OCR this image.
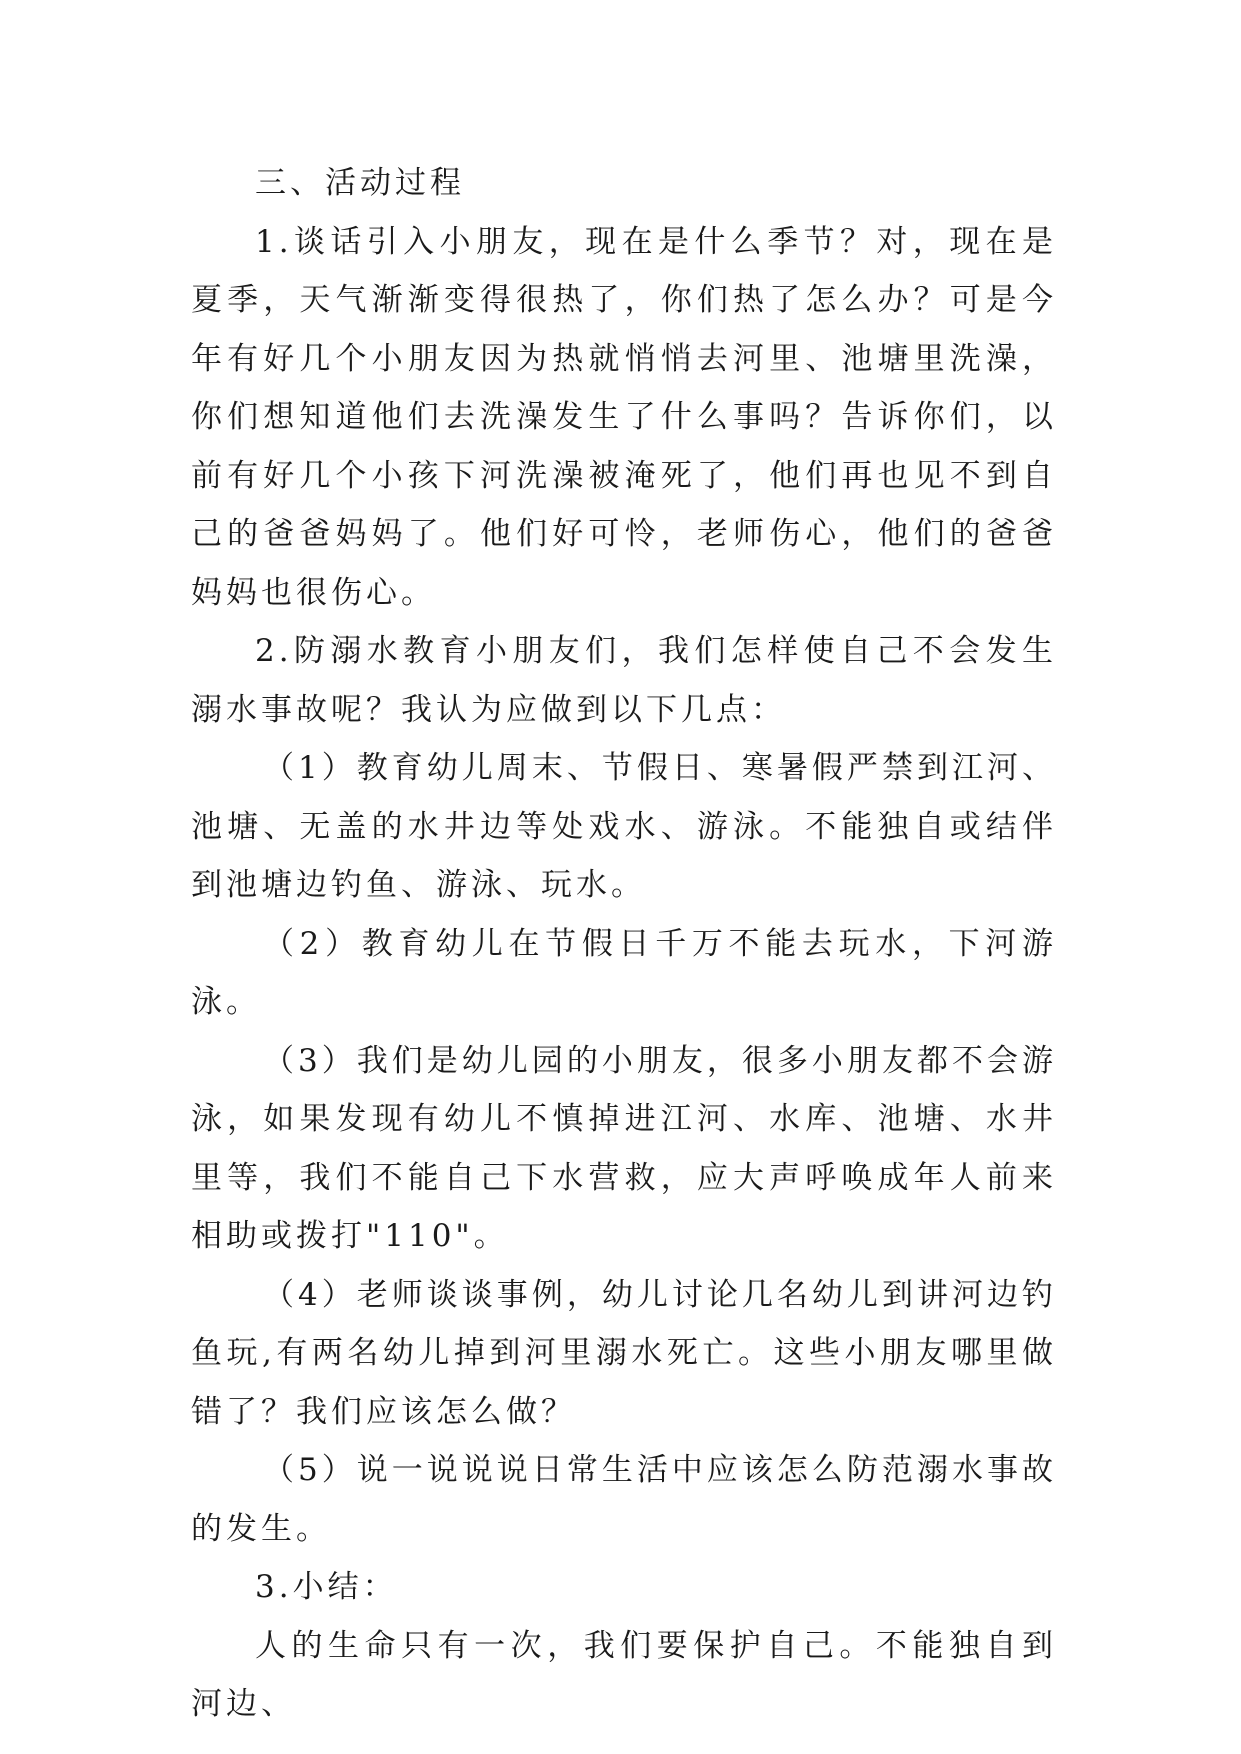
三、活动过程

1.谈话引入小朋友，现在是什么季节？对，现在是夏季，天气渐渐变得很热了，你们热了怎么办？可是今年有好几个小朋友因为热就悄悄去河里、池塘里洗澡，你们想知道他们去洗澡发生了什么事吗？告诉你们，以前有好几个小孩下河洗澡被淹死了，他们再也见不到自己的爸爸妈妈了。他们好可怜，老师伤心，他们的爸爸妈妈也很伤心。

2.防溺水教育小朋友们，我们怎样使自己不会发生溺水事故呢？我认为应做到以下几点：

（1）教育幼儿周末、节假日、寒暑假严禁到江河、池塘、无盖的水井边等处戏水、游泳。不能独自或结伴到池塘边钓鱼、游泳、玩水。

（2）教育幼儿在节假日千万不能去玩水，下河游泳。

（3）我们是幼儿园的小朋友，很多小朋友都不会游泳，如果发现有幼儿不慎掉进江河、水库、池塘、水井里等，我们不能自己下水营救，应大声呼唤成年人前来相助或拨打"110"。

（4）老师谈谈事例，幼儿讨论几名幼儿到讲河边钓鱼玩,有两名幼儿掉到河里溺水死亡。这些小朋友哪里做错了？我们应该怎么做？

（5）说一说说说日常生活中应该怎么防范溺水事故的发生。

3.小结：

人的生命只有一次，我们要保护自己。不能独自到河边、
